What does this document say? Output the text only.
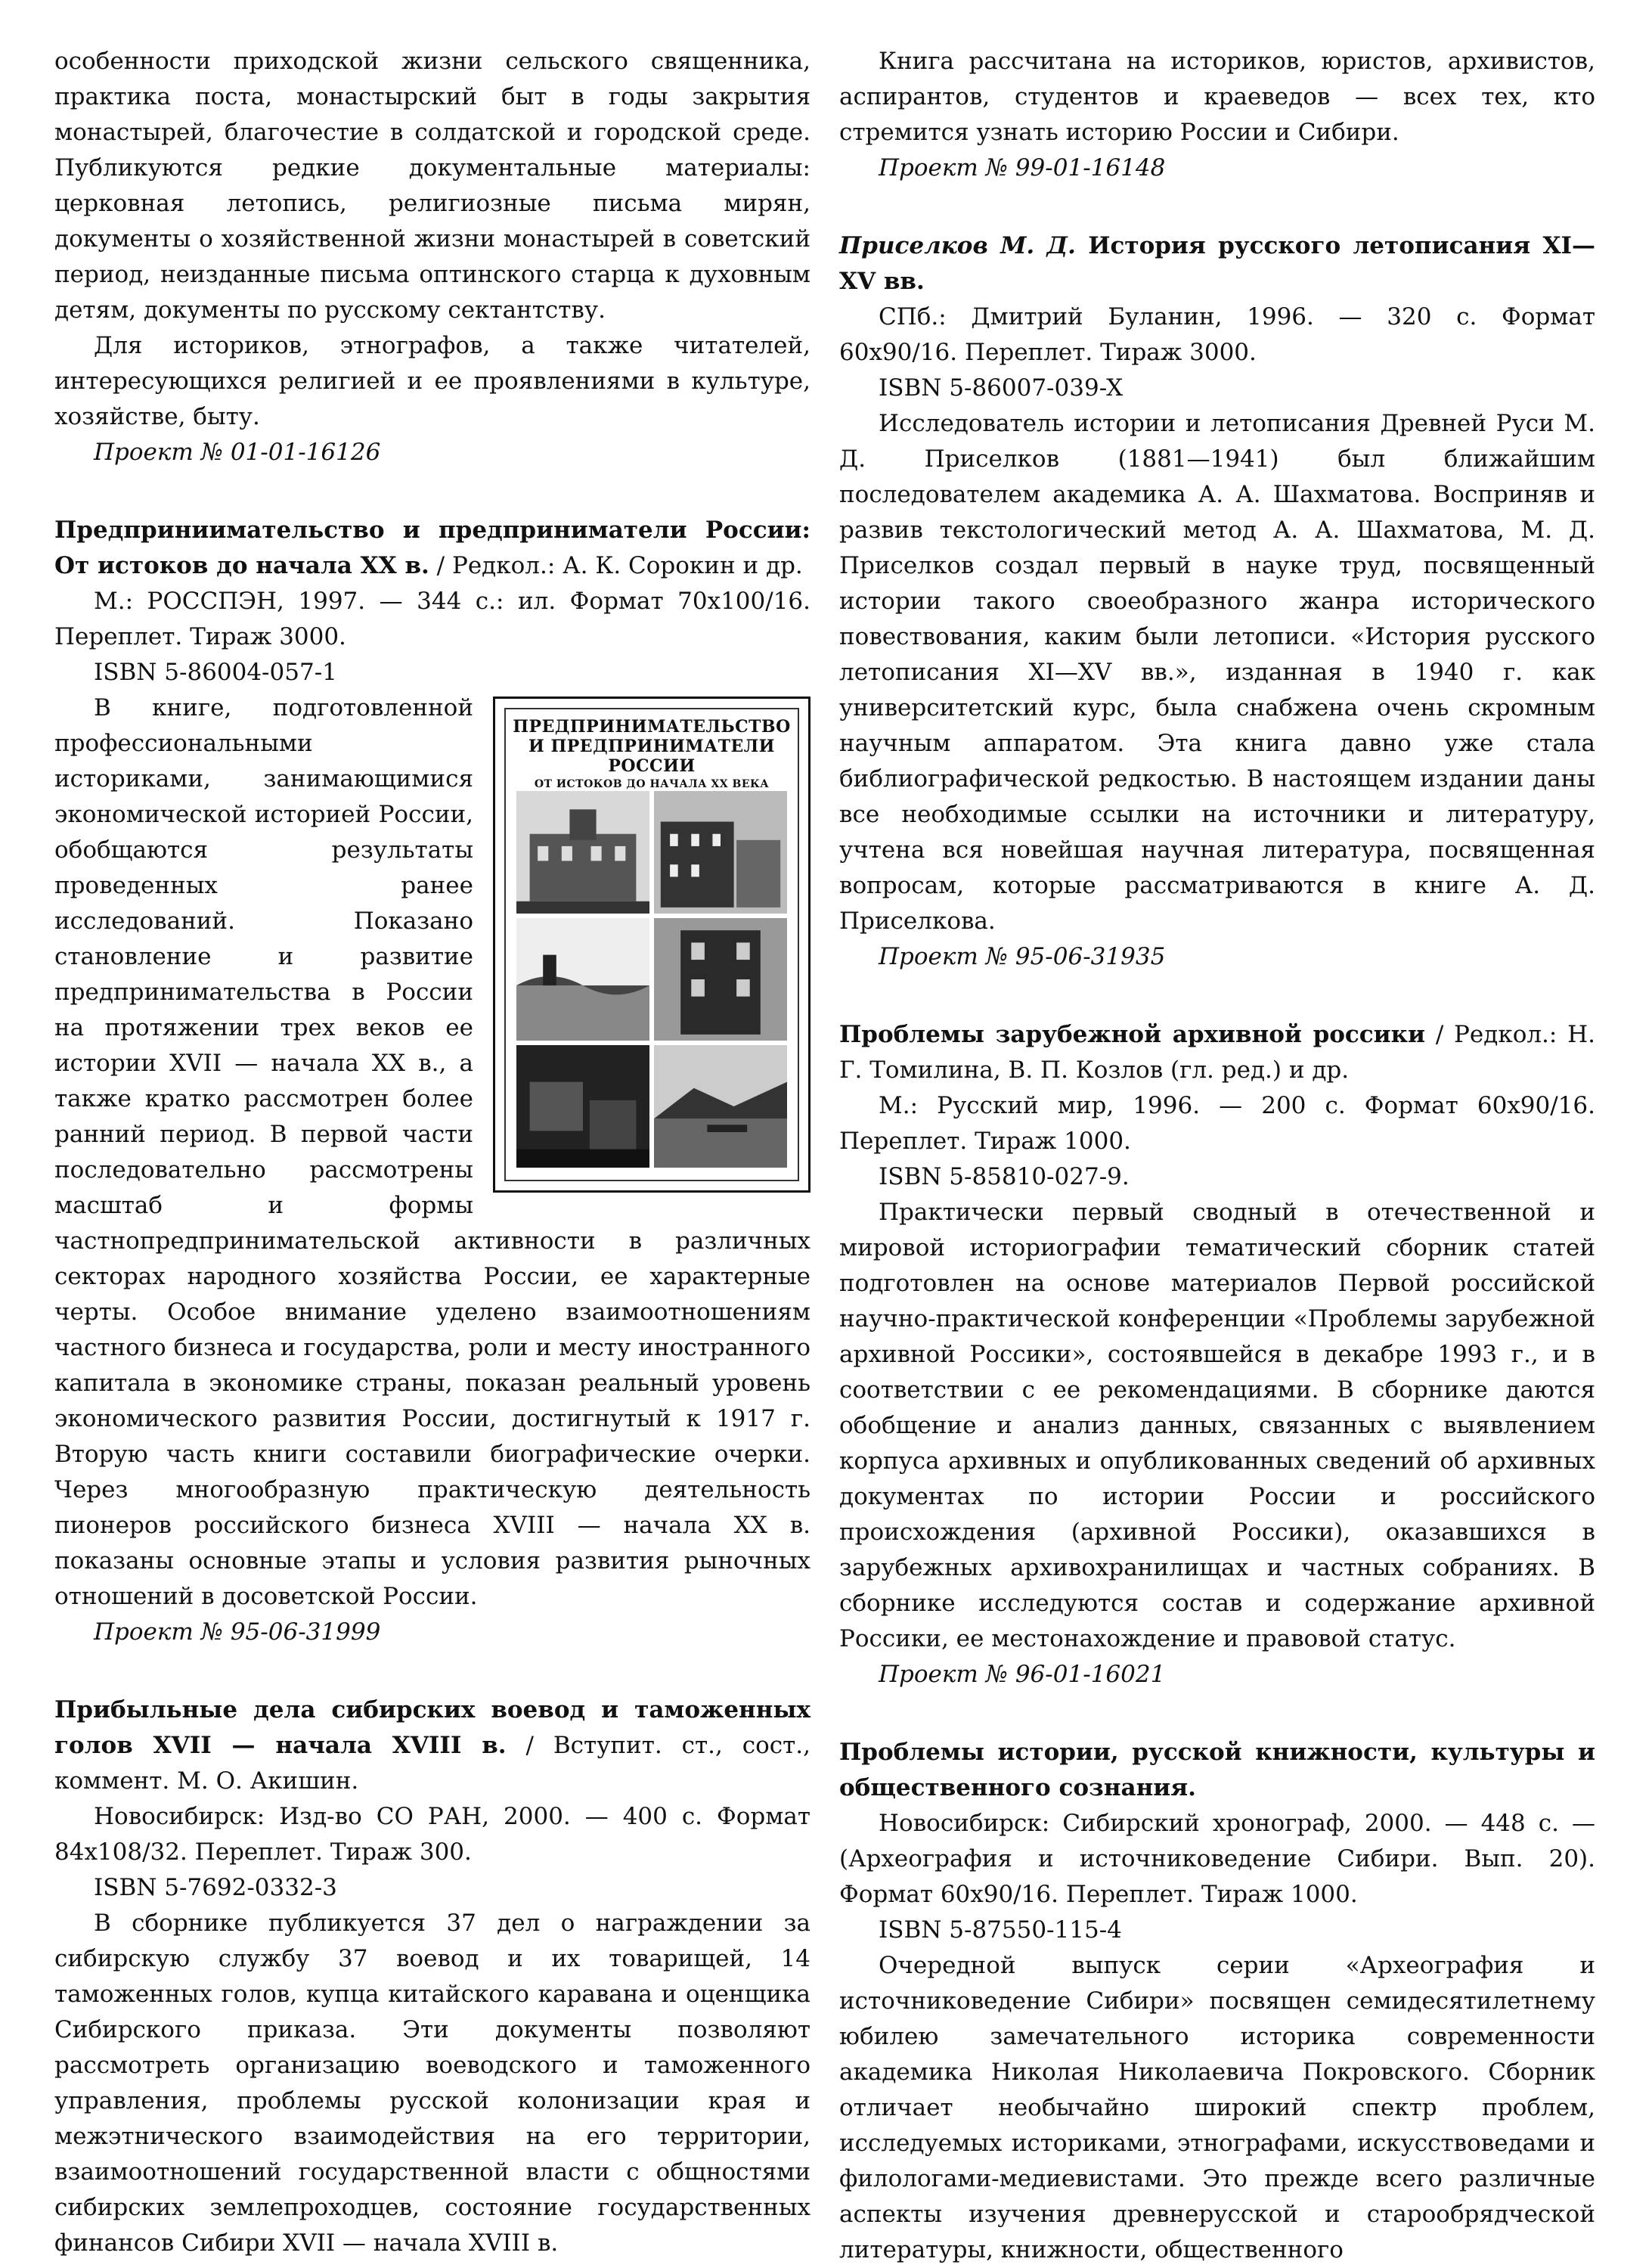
особенности приходской жизни сельского священника, практика поста, монастырский быт в годы закрытия монастырей, благочестие в солдатской и городской среде. Публикуются редкие документальные материалы: церковная летопись, религиозные письма мирян, документы о хозяйственной жизни монастырей в советский период, неизданные письма оптинского старца к духовным детям, документы по русскому сектантству.

Для историков, этнографов, а также читателей, интересующихся религией и ее проявлениями в культуре, хозяйстве, быту.

Проект № 01-01-16126

Предприниимательство и предприниматели России: От истоков до начала XX в. / Редкол.: А. К. Сорокин и др.

М.: РОССПЭН, 1997. — 344 с.: ил. Формат 70х100/16. Переплет. Тираж 3000.

ISBN 5-86004-057-1

ПРЕДПРИНИМАТЕЛЬСТВО
И ПРЕДПРИНИМАТЕЛИ РОССИИ
ОТ ИСТОКОВ ДО НАЧАЛА XX ВЕКА

В книге, подготовленной профессиональными историками, занимающимися экономической историей России, обобщаются результаты проведенных ранее исследований. Показано становление и развитие предпринимательства в России на протяжении трех веков ее истории XVII — начала XX в., а также кратко рассмотрен более ранний период. В первой части последовательно рассмотрены масштаб и формы частнопредпринимательской активности в различных секторах народного хозяйства России, ее характерные черты. Особое внимание уделено взаимоотношениям частного бизнеса и государства, роли и месту иностранного капитала в экономике страны, показан реальный уровень экономического развития России, достигнутый к 1917 г. Вторую часть книги составили биографические очерки. Через многообразную практическую деятельность пионеров российского бизнеса XVIII — начала XX в. показаны основные этапы и условия развития рыночных отношений в досоветской России.

Проект № 95-06-31999

Прибыльные дела сибирских воевод и таможенных голов XVII — начала XVIII в. / Вступит. ст., сост., коммент. М. О. Акишин.

Новосибирск: Изд-во СО РАН, 2000. — 400 с. Формат 84х108/32. Переплет. Тираж 300.

ISBN 5-7692-0332-3

В сборнике публикуется 37 дел о награждении за сибирскую службу 37 воевод и их товарищей, 14 таможенных голов, купца китайского каравана и оценщика Сибирского приказа. Эти документы позволяют рассмотреть организацию воеводского и таможенного управления, проблемы русской колонизации края и межэтнического взаимодействия на его территории, взаимоотношений государственной власти с общностями сибирских землепроходцев, состояние государственных финансов Сибири XVII — начала XVIII в.

Книга рассчитана на историков, юристов, архивистов, аспирантов, студентов и краеведов — всех тех, кто стремится узнать историю России и Сибири.

Проект № 99-01-16148

Приселков М. Д. История русского летописания XI—XV вв.

СПб.: Дмитрий Буланин, 1996. — 320 с. Формат 60х90/16. Переплет. Тираж 3000.

ISBN 5-86007-039-X

Исследователь истории и летописания Древней Руси М. Д. Приселков (1881—1941) был ближайшим последователем академика А. А. Шахматова. Восприняв и развив текстологический метод А. А. Шахматова, М. Д. Приселков создал первый в науке труд, посвященный истории такого своеобразного жанра исторического повествования, каким были летописи. «История русского летописания XI—XV вв.», изданная в 1940 г. как университетский курс, была снабжена очень скромным научным аппаратом. Эта книга давно уже стала библиографической редкостью. В настоящем издании даны все необходимые ссылки на источники и литературу, учтена вся новейшая научная литература, посвященная вопросам, которые рассматриваются в книге А. Д. Приселкова.

Проект № 95-06-31935

Проблемы зарубежной архивной россики / Редкол.: Н. Г. Томилина, В. П. Козлов (гл. ред.) и др.

М.: Русский мир, 1996. — 200 с. Формат 60х90/16. Переплет. Тираж 1000.

ISBN 5-85810-027-9.

Практически первый сводный в отечественной и мировой историографии тематический сборник статей подготовлен на основе материалов Первой российской научно-практической конференции «Проблемы зарубежной архивной Россики», состоявшейся в декабре 1993 г., и в соответствии с ее рекомендациями. В сборнике даются обобщение и анализ данных, связанных с выявлением корпуса архивных и опубликованных сведений об архивных документах по истории России и российского происхождения (архивной Россики), оказавшихся в зарубежных архивохранилищах и частных собраниях. В сборнике исследуются состав и содержание архивной Россики, ее местонахождение и правовой статус.

Проект № 96-01-16021

Проблемы истории, русской книжности, культуры и общественного сознания.

Новосибирск: Сибирский хронограф, 2000. — 448 с. — (Археография и источниковедение Сибири. Вып. 20). Формат 60х90/16. Переплет. Тираж 1000.

ISBN 5-87550-115-4

Очередной выпуск серии «Археография и источниковедение Сибири» посвящен семидесятилетнему юбилею замечательного историка современности академика Николая Николаевича Покровского. Сборник отличает необычайно широкий спектр проблем, исследуемых историками, этнографами, искусствоведами и филологами-медиевистами. Это прежде всего различные аспекты изучения древнерусской и старообрядческой литературы, книжности, общественного
